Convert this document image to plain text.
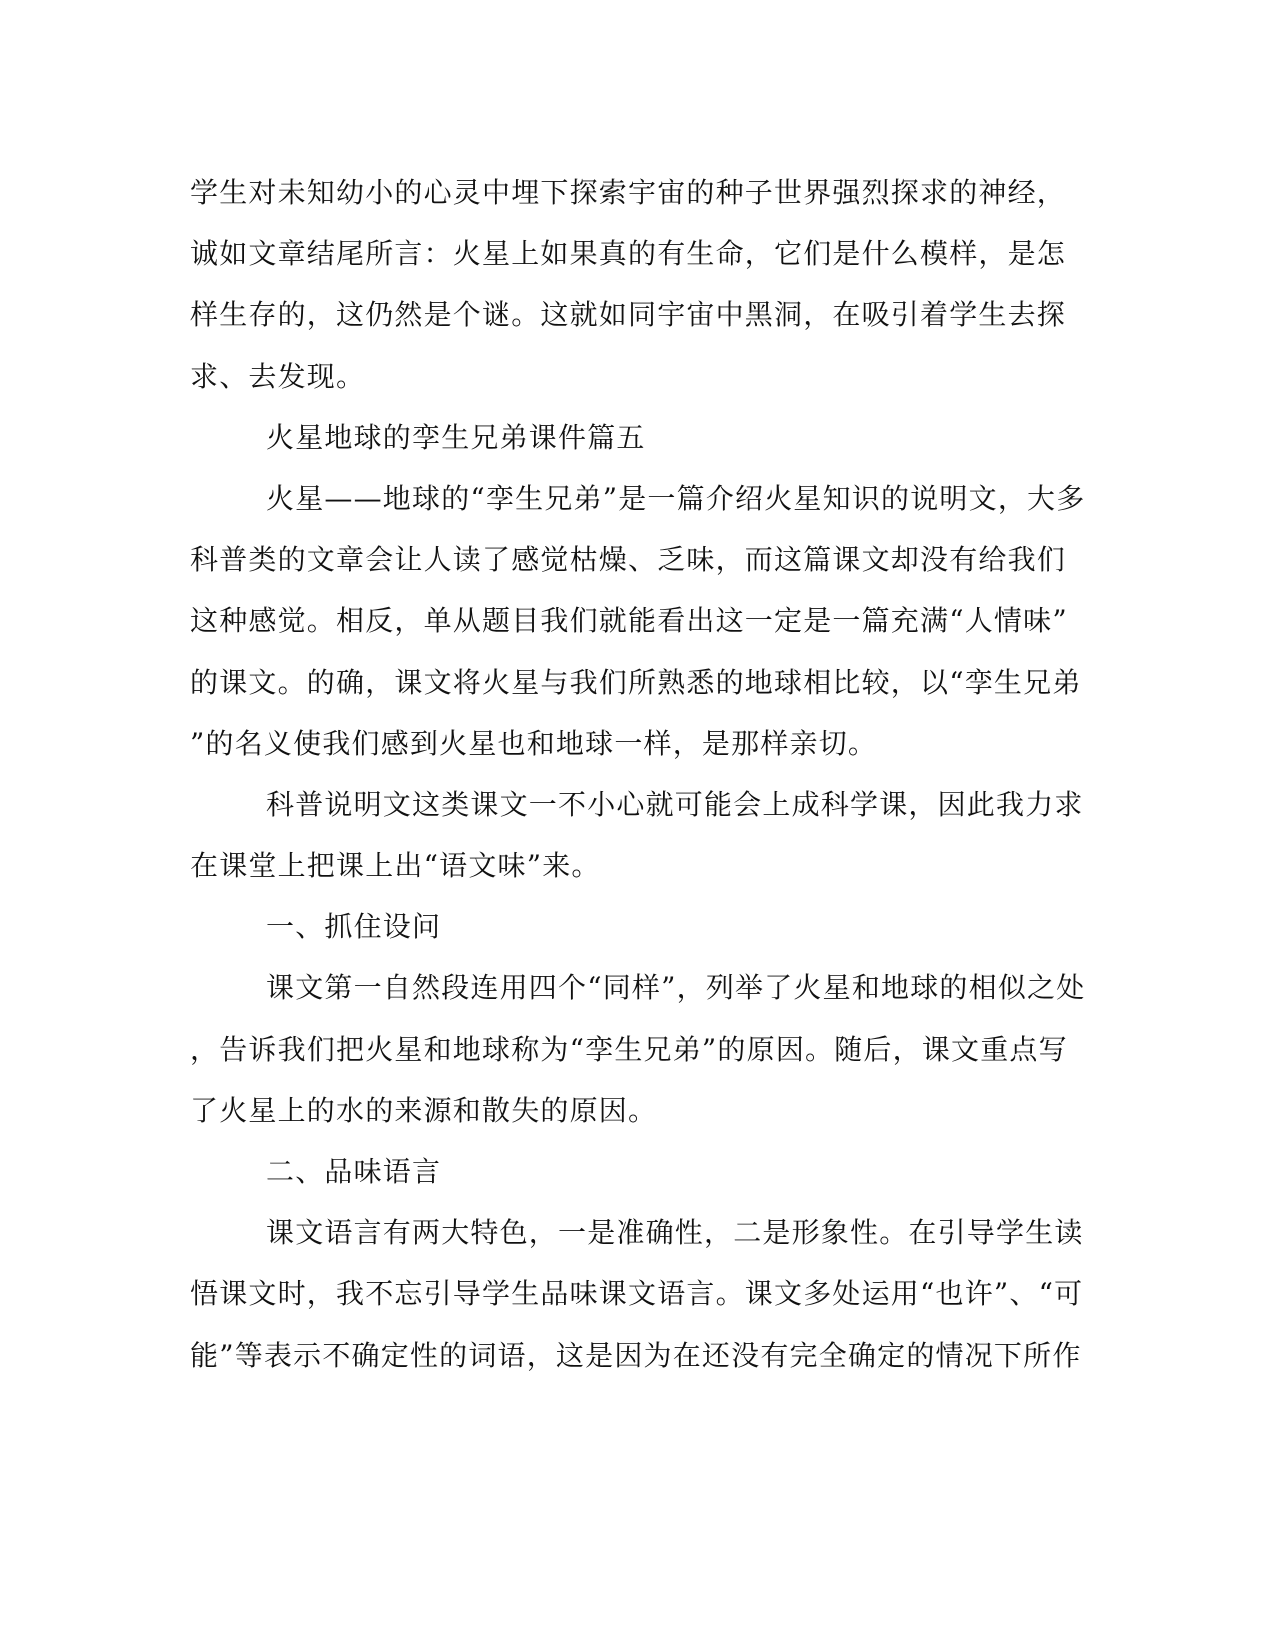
学生对未知幼小的心灵中埋下探索宇宙的种子世界强烈探求的神经，
诚如文章结尾所言：火星上如果真的有生命，它们是什么模样，是怎
样生存的，这仍然是个谜。这就如同宇宙中黑洞，在吸引着学生去探
求、去发现。
火星地球的孪生兄弟课件篇五
火星——地球的“孪生兄弟”是一篇介绍火星知识的说明文，大多
科普类的文章会让人读了感觉枯燥、乏味，而这篇课文却没有给我们
这种感觉。相反，单从题目我们就能看出这一定是一篇充满“人情味”
的课文。的确，课文将火星与我们所熟悉的地球相比较，以“孪生兄弟
”的名义使我们感到火星也和地球一样，是那样亲切。
科普说明文这类课文一不小心就可能会上成科学课，因此我力求
在课堂上把课上出“语文味”来。
一、抓住设问
课文第一自然段连用四个“同样”，列举了火星和地球的相似之处
，告诉我们把火星和地球称为“孪生兄弟”的原因。随后，课文重点写
了火星上的水的来源和散失的原因。
二、品味语言
课文语言有两大特色，一是准确性，二是形象性。在引导学生读
悟课文时，我不忘引导学生品味课文语言。课文多处运用“也许”、“可
能”等表示不确定性的词语，这是因为在还没有完全确定的情况下所作
